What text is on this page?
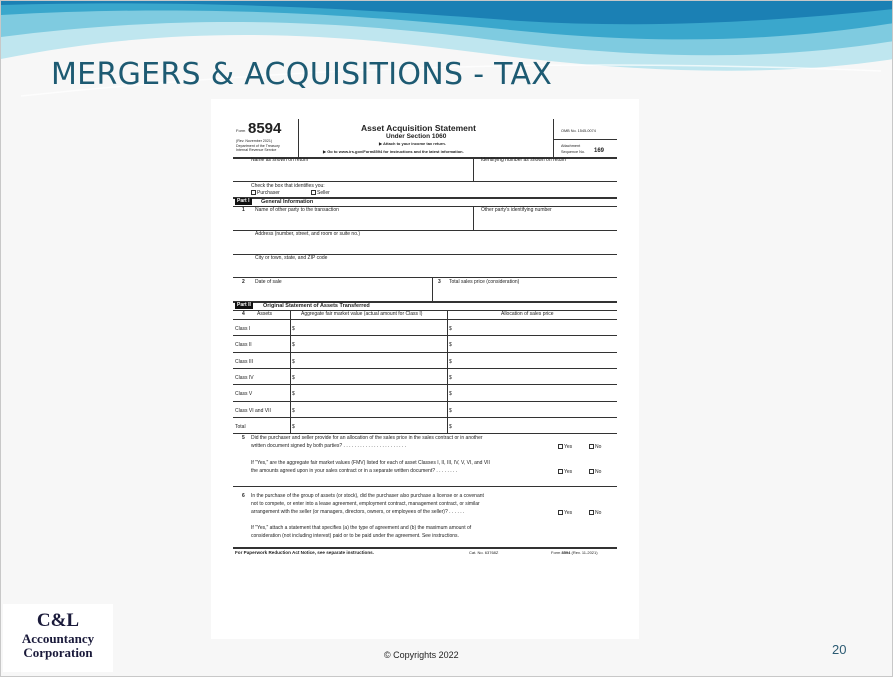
MERGERS & ACQUISITIONS - TAX
Form 8594
(Rev. November 2021)
Department of the Treasury
Internal Revenue Service
Asset Acquisition Statement
Under Section 1060
▶ Attach to your income tax return.
▶ Go to www.irs.gov/Form8594 for instructions and the latest information.
OMB No. 1545-0074
Attachment
Sequence No. 169
Name as shown on return	Identifying number as shown on return
Check the box that identifies you:
Purchaser	Seller
Part I	General Information
1 Name of other party to the transaction	Other party's identifying number
Address (number, street, and room or suite no.)
City or town, state, and ZIP code
2 Date of sale	3 Total sales price (consideration)
Part II	Original Statement of Assets Transferred
4 Assets	Aggregate fair market value (actual amount for Class I)	Allocation of sales price
Class I	$	$
Class II	$	$
Class III	$	$
Class IV	$	$
Class V	$	$
Class VI and VII	$	$
Total	$	$
5 Did the purchaser and seller provide for an allocation of the sales price in the sales contract or in another
written document signed by both parties? . . . . . . . . . . . . . . . . . . . . . . .	Yes	No
If "Yes," are the aggregate fair market values (FMV) listed for each of asset Classes I, II, III, IV, V, VI, and VII
the amounts agreed upon in your sales contract or in a separate written document? . . . . . . . .	Yes	No
6 In the purchase of the group of assets (or stock), did the purchaser also purchase a license or a covenant
not to compete, or enter into a lease agreement, employment contract, management contract, or similar
arrangement with the seller (or managers, directors, owners, or employees of the seller)? . . . . . .	Yes	No
If "Yes," attach a statement that specifies (a) the type of agreement and (b) the maximum amount of
consideration (not including interest) paid or to be paid under the agreement. See instructions.
For Paperwork Reduction Act Notice, see separate instructions.	Cat. No. 63768Z	Form 8594 (Rev. 11-2021)
C&L
Accountancy
Corporation	© Copyrights 2022	20
